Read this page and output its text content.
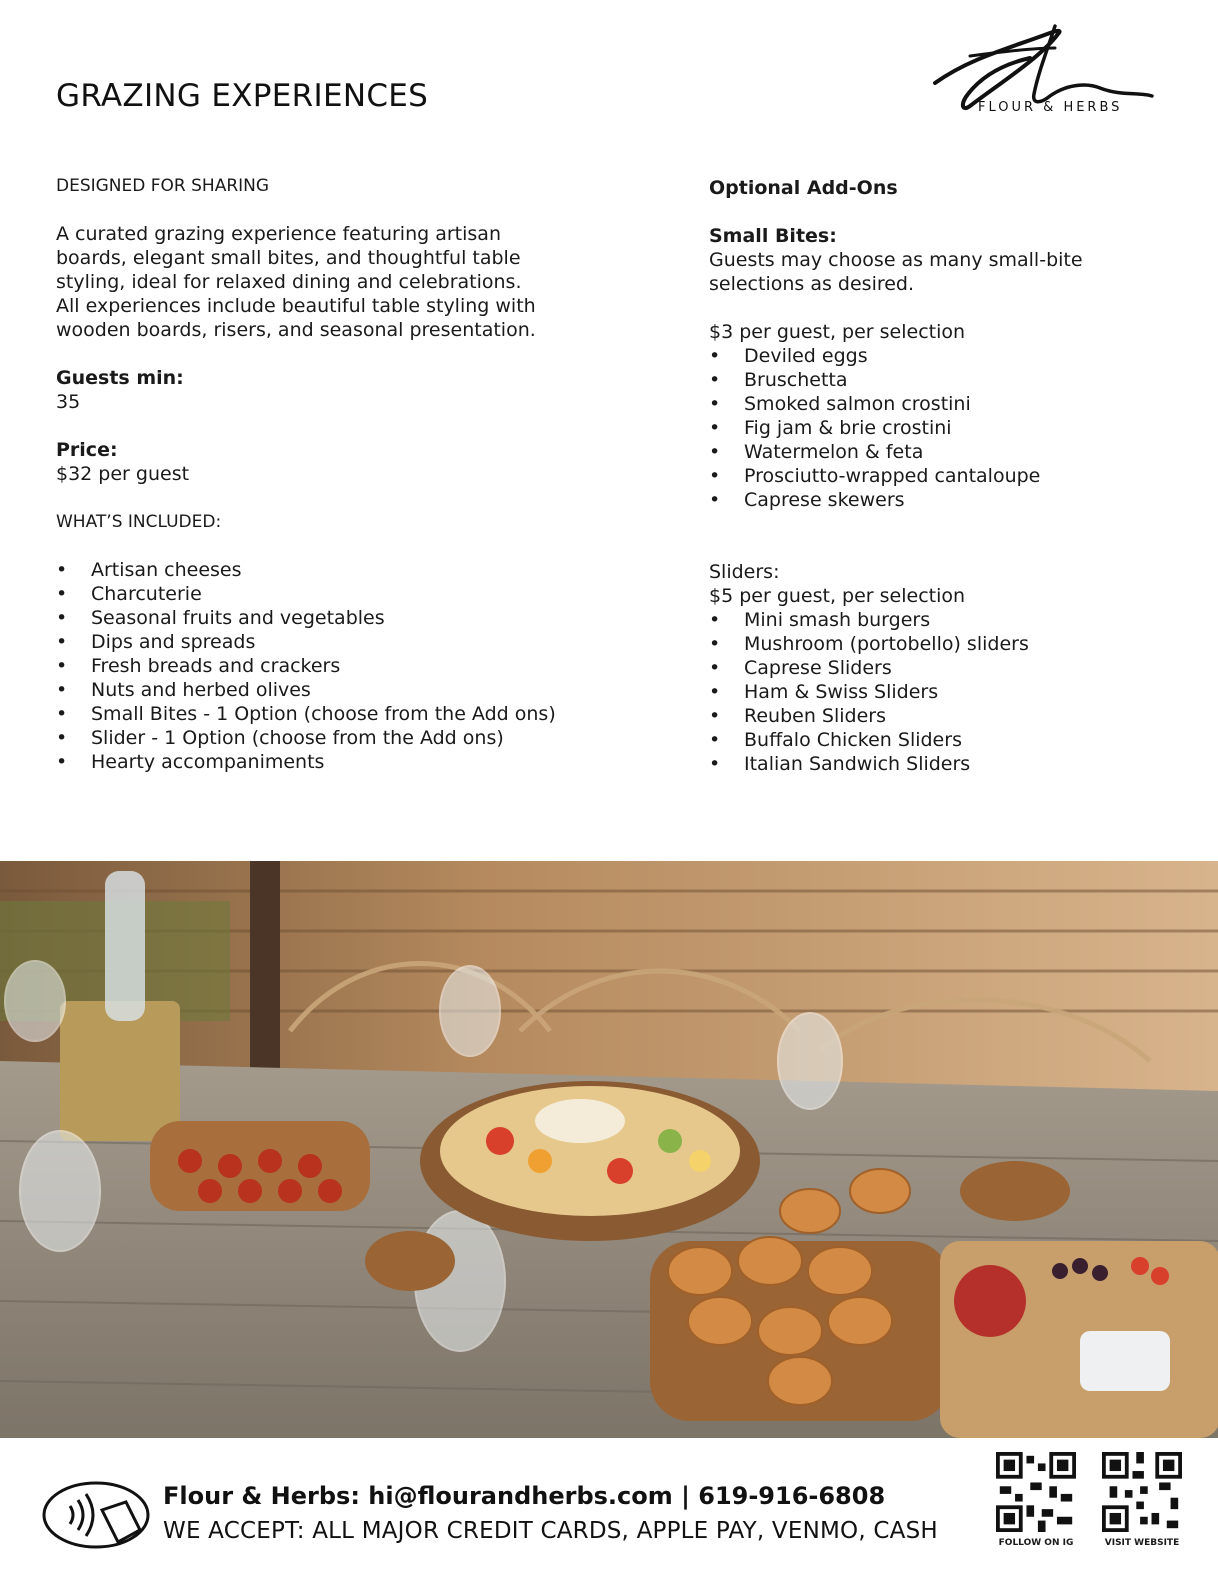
GRAZING EXPERIENCES	FLOUR & HERBS

DESIGNED FOR SHARING

A curated grazing experience featuring artisan

boards, elegant small bites, and thoughtful table

styling, ideal for relaxed dining and celebrations.

All experiences include beautiful table styling with

wooden boards, risers, and seasonal presentation.

Guests min:

35

Price:

$32 per guest

WHAT’S INCLUDED:

• Artisan cheeses
• Charcuterie
• Seasonal fruits and vegetables
• Dips and spreads
• Fresh breads and crackers
• Nuts and herbed olives
• Small Bites - 1 Option (choose from the Add ons)
• Slider - 1 Option (choose from the Add ons)
• Hearty accompaniments

Optional Add-Ons

Small Bites:

Guests may choose as many small-bite

selections as desired.

$3 per guest, per selection

• Deviled eggs
• Bruschetta
• Smoked salmon crostini
• Fig jam & brie crostini
• Watermelon & feta
• Prosciutto-wrapped cantaloupe
• Caprese skewers

Sliders:

$5 per guest, per selection

• Mini smash burgers
• Mushroom (portobello) sliders
• Caprese Sliders
• Ham & Swiss Sliders
• Reuben Sliders
• Buffalo Chicken Sliders
• Italian Sandwich Sliders
Flour & Herbs: hi@flourandherbs.com | 619-916-6808
WE ACCEPT: ALL MAJOR CREDIT CARDS, APPLE PAY, VENMO, CASH	FOLLOW ON IG	VISIT WEBSITE
